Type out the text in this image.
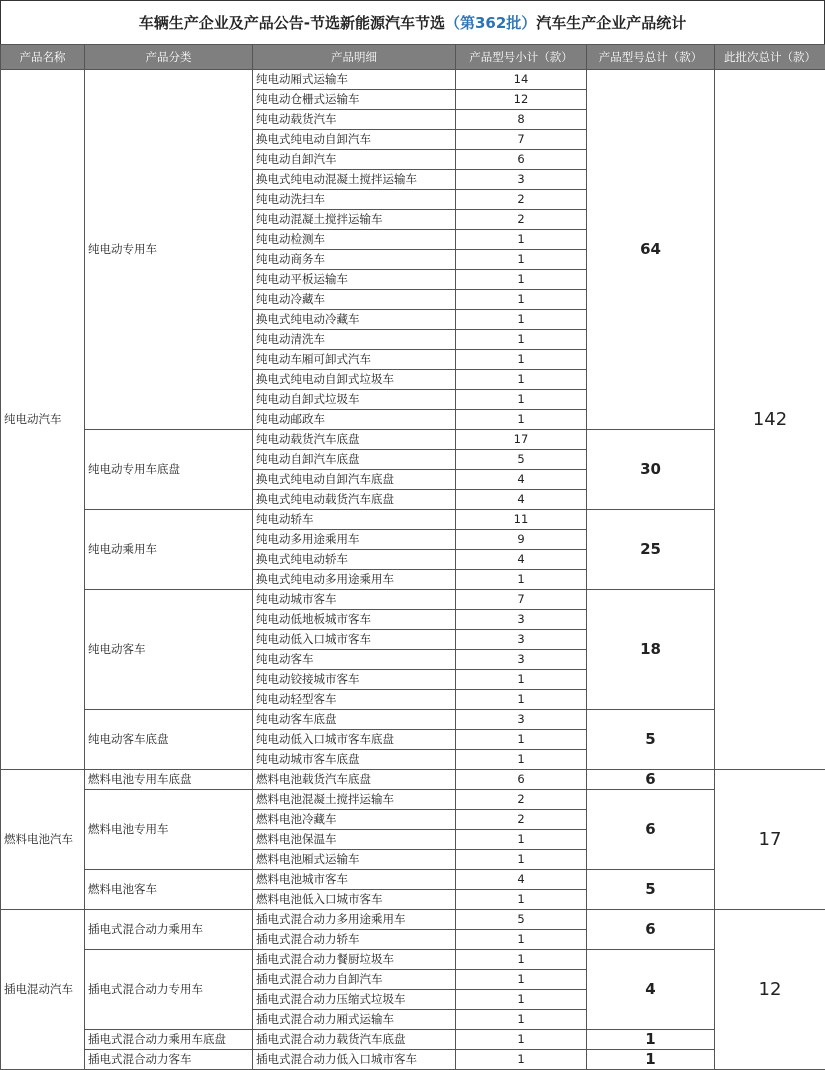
车辆生产企业及产品公告-节选新能源汽车节选 （第362批） 汽车生产企业产品统计
产品名称	产品分类	产品明细	产品型号小计（款）	产品型号总计（款）	此批次总计（款）
纯电动汽车	纯电动专用车	纯电动厢式运输车	14	64	142
		纯电动仓栅式运输车	12		
		纯电动载货汽车	8		
		换电式纯电动自卸汽车	7		
		纯电动自卸汽车	6		
		换电式纯电动混凝土搅拌运输车	3		
		纯电动洗扫车	2		
		纯电动混凝土搅拌运输车	2		
		纯电动检测车	1		
		纯电动商务车	1		
		纯电动平板运输车	1		
		纯电动冷藏车	1		
		换电式纯电动冷藏车	1		
		纯电动清洗车	1		
		纯电动车厢可卸式汽车	1		
		换电式纯电动自卸式垃圾车	1		
		纯电动自卸式垃圾车	1		
		纯电动邮政车	1		
	纯电动专用车底盘	纯电动载货汽车底盘	17	30	
		纯电动自卸汽车底盘	5		
		换电式纯电动自卸汽车底盘	4		
		换电式纯电动载货汽车底盘	4		
	纯电动乘用车	纯电动轿车	11	25	
		纯电动多用途乘用车	9		
		换电式纯电动轿车	4		
		换电式纯电动多用途乘用车	1		
	纯电动客车	纯电动城市客车	7	18	
		纯电动低地板城市客车	3		
		纯电动低入口城市客车	3		
		纯电动客车	3		
		纯电动铰接城市客车	1		
		纯电动轻型客车	1		
	纯电动客车底盘	纯电动客车底盘	3	5	
		纯电动低入口城市客车底盘	1		
		纯电动城市客车底盘	1		
燃料电池汽车	燃料电池专用车底盘	燃料电池载货汽车底盘	6	6	17
	燃料电池专用车	燃料电池混凝土搅拌运输车	2	6	
		燃料电池冷藏车	2		
		燃料电池保温车	1		
		燃料电池厢式运输车	1		
	燃料电池客车	燃料电池城市客车	4	5	
		燃料电池低入口城市客车	1		
插电混动汽车	插电式混合动力乘用车	插电式混合动力多用途乘用车	5	6	12
		插电式混合动力轿车	1		
	插电式混合动力专用车	插电式混合动力餐厨垃圾车	1	4	
		插电式混合动力自卸汽车	1		
		插电式混合动力压缩式垃圾车	1		
		插电式混合动力厢式运输车	1		
	插电式混合动力乘用车底盘	插电式混合动力载货汽车底盘	1	1	
	插电式混合动力客车	插电式混合动力低入口城市客车	1	1	
